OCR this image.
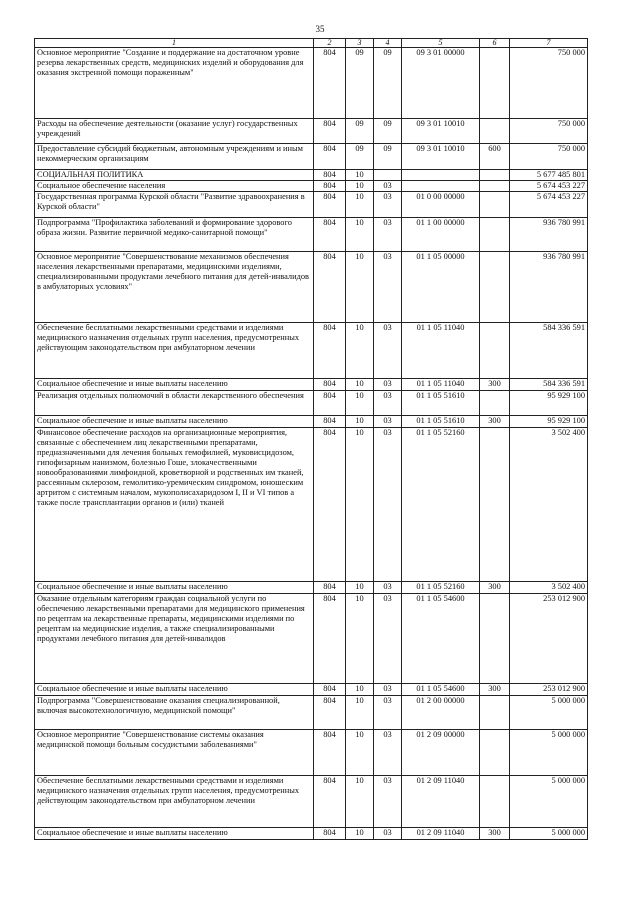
35
1	2	3	4	5	6	7
Основное мероприятие "Создание и поддержание на достаточном уровне резерва лекарственных средств, медицинских изделий и оборудования для оказания экстренной помощи пораженным"	804	09	09	09 3 01 00000		750 000
Расходы на обеспечение деятельности (оказание услуг) государственных учреждений	804	09	09	09 3 01 10010		750 000
Предоставление субсидий бюджетным, автономным учреждениям и иным некоммерческим организациям	804	09	09	09 3 01 10010	600	750 000
СОЦИАЛЬНАЯ ПОЛИТИКА	804	10				5 677 485 801
Социальное обеспечение населения	804	10	03			5 674 453 227
Государственная программа Курской области "Развитие здравоохранения в Курской области"	804	10	03	01 0 00 00000		5 674 453 227
Подпрограмма "Профилактика заболеваний и формирование здорового образа жизни. Развитие первичной медико-санитарной помощи"	804	10	03	01 1 00 00000		936 780 991
Основное мероприятие "Совершенствование механизмов обеспечения населения лекарственными препаратами, медицинскими изделиями, специализированными продуктами лечебного питания для детей-инвалидов в амбулаторных условиях"	804	10	03	01 1 05 00000		936 780 991
Обеспечение бесплатными лекарственными средствами и изделиями медицинского назначения отдельных групп населения, предусмотренных действующим законодательством при амбулаторном лечении	804	10	03	01 1 05 11040		584 336 591
Социальное обеспечение и иные выплаты населению	804	10	03	01 1 05 11040	300	584 336 591
Реализация отдельных полномочий в области лекарственного обеспечения	804	10	03	01 1 05 51610		95 929 100
Социальное обеспечение и иные выплаты населению	804	10	03	01 1 05 51610	300	95 929 100
Финансовое обеспечение расходов на организационные мероприятия, связанные с обеспечением лиц лекарственными препаратами, предназначенными для лечения больных гемофилией, муковисцидозом, гипофизарным нанизмом, болезнью Гоше, злокачественными новообразованиями лимфоидной, кроветворной и родственных им тканей, рассеянным склерозом, гемолитико-уремическим синдромом, юношеским артритом с системным началом, мукополисахаридозом I, II и VI типов а также после трансплантации органов и (или) тканей	804	10	03	01 1 05 52160		3 502 400
Социальное обеспечение и иные выплаты населению	804	10	03	01 1 05 52160	300	3 502 400
Оказание отдельным категориям граждан социальной услуги по обеспечению лекарственными препаратами для медицинского применения по рецептам на лекарственные препараты, медицинскими изделиями по рецептам на медицинские изделия, а также специализированными продуктами лечебного питания для детей-инвалидов	804	10	03	01 1 05 54600		253 012 900
Социальное обеспечение и иные выплаты населению	804	10	03	01 1 05 54600	300	253 012 900
Подпрограмма "Совершенствование оказания специализированной, включая высокотехнологичную, медицинской помощи"	804	10	03	01 2 00 00000		5 000 000
Основное мероприятие "Совершенствование системы оказания медицинской помощи больным сосудистыми заболеваниями"	804	10	03	01 2 09 00000		5 000 000
Обеспечение бесплатными лекарственными средствами и изделиями медицинского назначения отдельных групп населения, предусмотренных действующим законодательством при амбулаторном лечении	804	10	03	01 2 09 11040		5 000 000
Социальное обеспечение и иные выплаты населению	804	10	03	01 2 09 11040	300	5 000 000
